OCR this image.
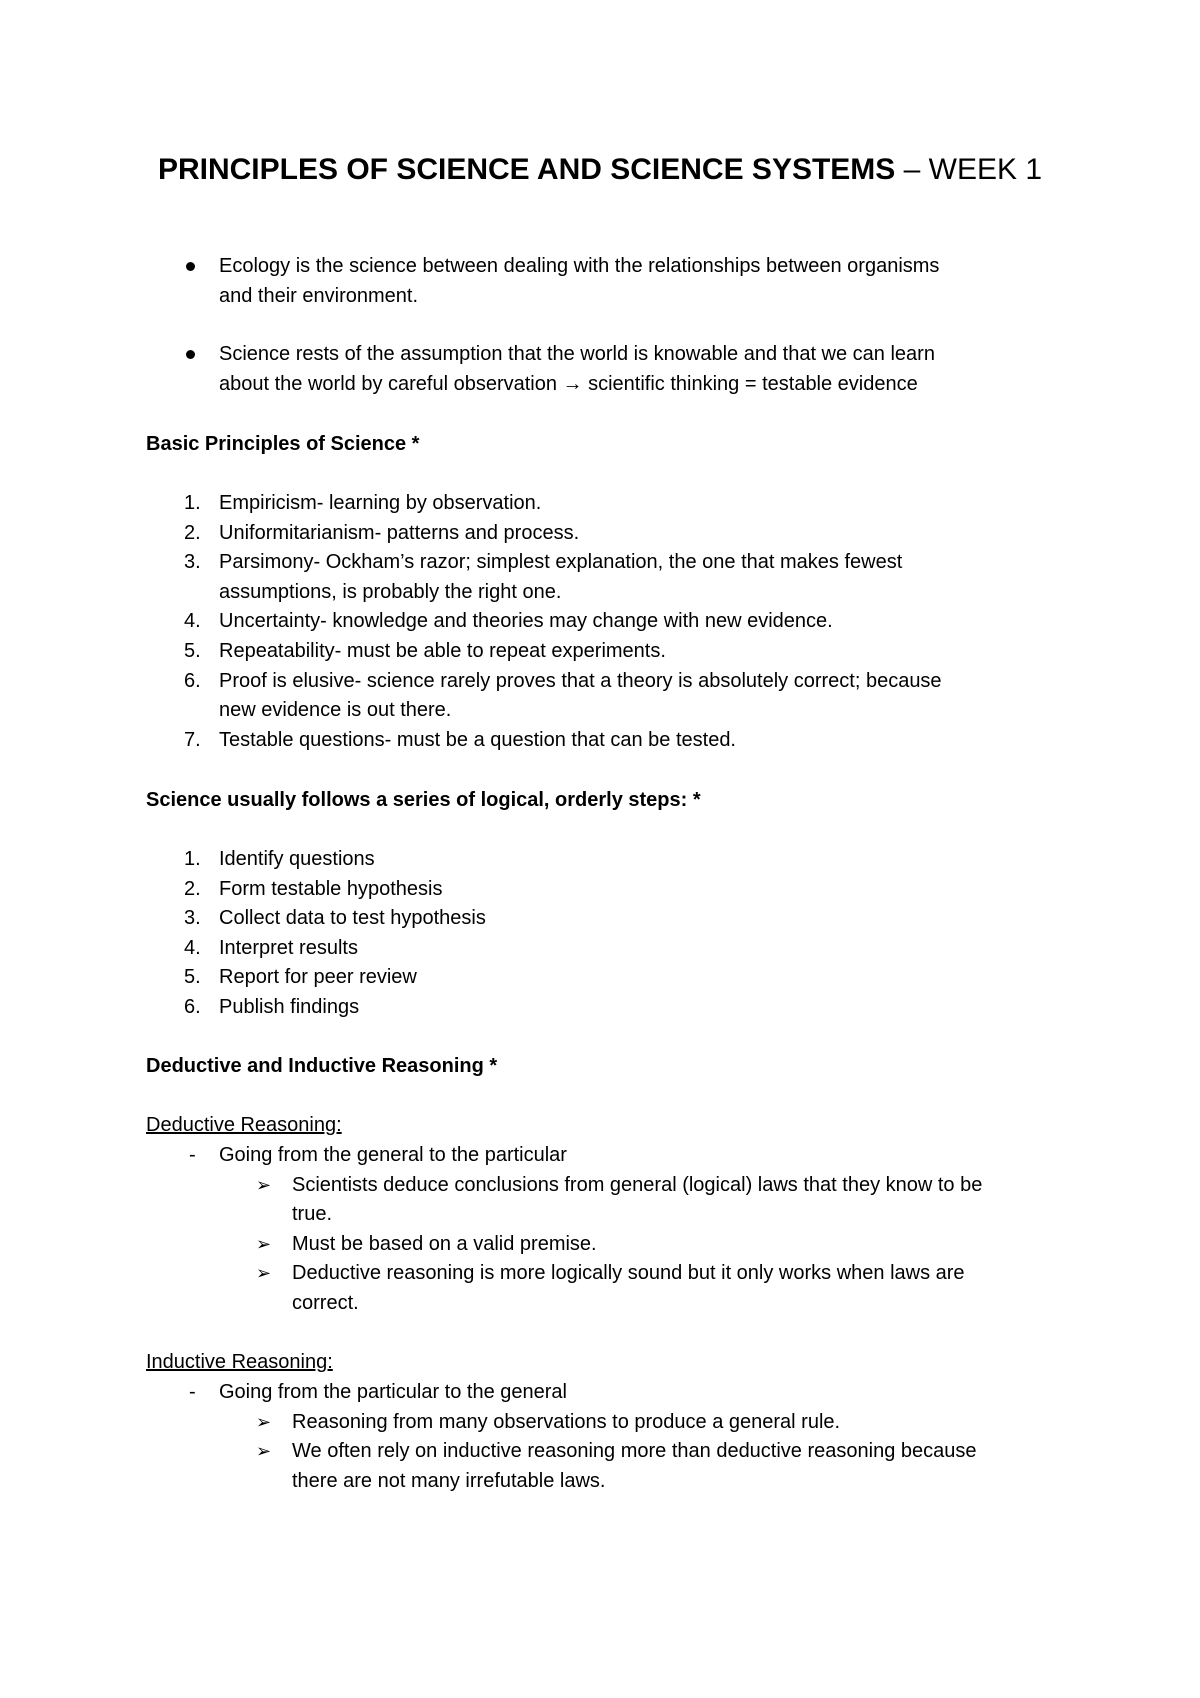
PRINCIPLES OF SCIENCE AND SCIENCE SYSTEMS – WEEK 1
Ecology is the science between dealing with the relationships between organisms
and their environment.
Science rests of the assumption that the world is knowable and that we can learn
about the world by careful observation → scientific thinking = testable evidence
Basic Principles of Science *
1. Empiricism- learning by observation.
2. Uniformitarianism- patterns and process.
3. Parsimony- Ockham’s razor; simplest explanation, the one that makes fewest
assumptions, is probably the right one.
4. Uncertainty- knowledge and theories may change with new evidence.
5. Repeatability- must be able to repeat experiments.
6. Proof is elusive- science rarely proves that a theory is absolutely correct; because
new evidence is out there.
7. Testable questions- must be a question that can be tested.
Science usually follows a series of logical, orderly steps: *
1. Identify questions
2. Form testable hypothesis
3. Collect data to test hypothesis
4. Interpret results
5. Report for peer review
6. Publish findings
Deductive and Inductive Reasoning *
Deductive Reasoning:
- Going from the general to the particular
➢ Scientists deduce conclusions from general (logical) laws that they know to be
true.
➢ Must be based on a valid premise.
➢ Deductive reasoning is more logically sound but it only works when laws are
correct.
Inductive Reasoning:
- Going from the particular to the general
➢ Reasoning from many observations to produce a general rule.
➢ We often rely on inductive reasoning more than deductive reasoning because
there are not many irrefutable laws.
